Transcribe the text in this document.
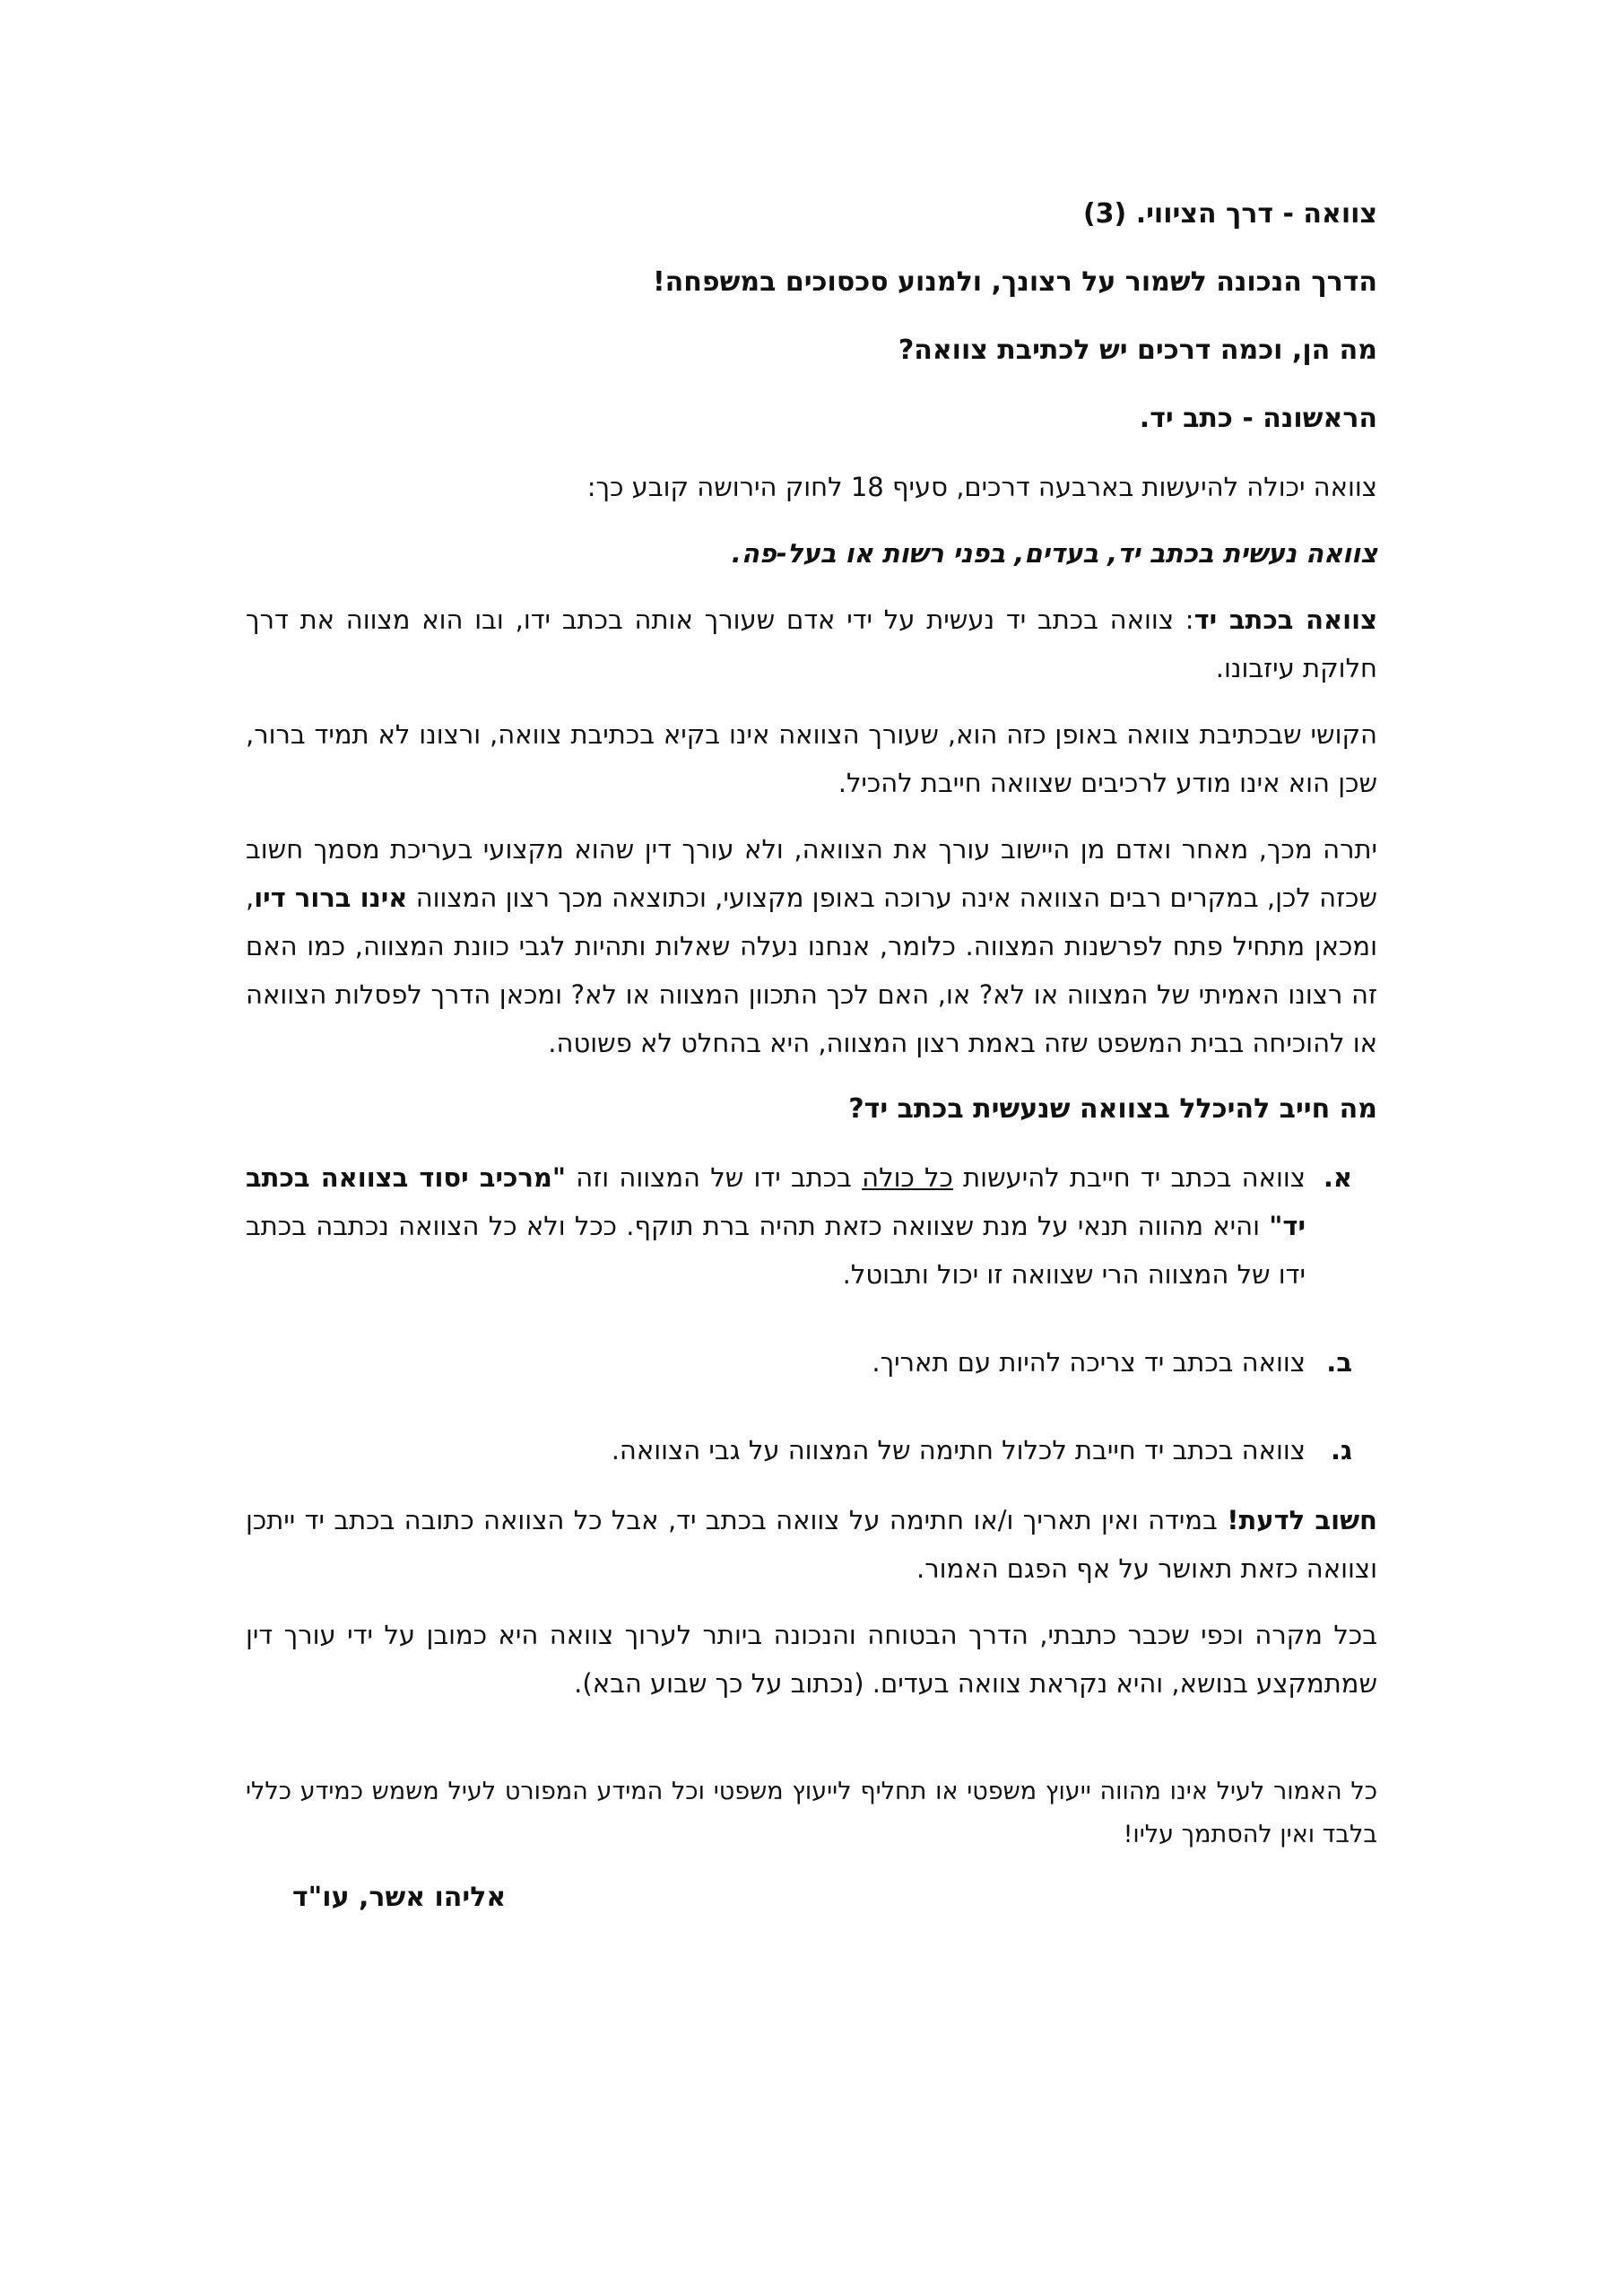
צוואה - דרך הציווי. (3)

הדרך הנכונה לשמור על רצונך, ולמנוע סכסוכים במשפחה!

מה הן, וכמה דרכים יש לכתיבת צוואה?

הראשונה - כתב יד.

צוואה יכולה להיעשות בארבעה דרכים, סעיף 18 לחוק הירושה קובע כך:

צוואה נעשית בכתב יד, בעדים, בפני רשות או בעל-פה.

צוואה בכתב יד: צוואה בכתב יד נעשית על ידי אדם שעורך אותה בכתב ידו, ובו הוא מצווה את דרך חלוקת עיזבונו.

הקושי שבכתיבת צוואה באופן כזה הוא, שעורך הצוואה אינו בקיא בכתיבת צוואה, ורצונו לא תמיד ברור, שכן הוא אינו מודע לרכיבים שצוואה חייבת להכיל.

יתרה מכך, מאחר ואדם מן היישוב עורך את הצוואה, ולא עורך דין שהוא מקצועי בעריכת מסמך חשוב שכזה לכן, במקרים רבים הצוואה אינה ערוכה באופן מקצועי, וכתוצאה מכך רצון המצווה אינו ברור דיו, ומכאן מתחיל פתח לפרשנות המצווה. כלומר, אנחנו נעלה שאלות ותהיות לגבי כוונת המצווה, כמו האם זה רצונו האמיתי של המצווה או לא? או, האם לכך התכוון המצווה או לא? ומכאן הדרך לפסלות הצוואה או להוכיחה בבית המשפט שזה באמת רצון המצווה, היא בהחלט לא פשוטה.

מה חייב להיכלל בצוואה שנעשית בכתב יד?

א.
צוואה בכתב יד חייבת להיעשות כל כולה בכתב ידו של המצווה וזה "מרכיב יסוד בצוואה בכתב יד" והיא מהווה תנאי על מנת שצוואה כזאת תהיה ברת תוקף. ככל ולא כל הצוואה נכתבה בכתב ידו של המצווה הרי שצוואה זו יכול ותבוטל.
ב.
צוואה בכתב יד צריכה להיות עם תאריך.
ג.
צוואה בכתב יד חייבת לכלול חתימה של המצווה על גבי הצוואה.

חשוב לדעת! במידה ואין תאריך ו/או חתימה על צוואה בכתב יד, אבל כל הצוואה כתובה בכתב יד ייתכן וצוואה כזאת תאושר על אף הפגם האמור.

בכל מקרה וכפי שכבר כתבתי, הדרך הבטוחה והנכונה ביותר לערוך צוואה היא כמובן על ידי עורך דין שמתמקצע בנושא, והיא נקראת צוואה בעדים. (נכתוב על כך שבוע הבא).

כל האמור לעיל אינו מהווה ייעוץ משפטי או תחליף לייעוץ משפטי וכל המידע המפורט לעיל משמש כמידע כללי בלבד ואין להסתמך עליו!

אליהו אשר, עו"ד
